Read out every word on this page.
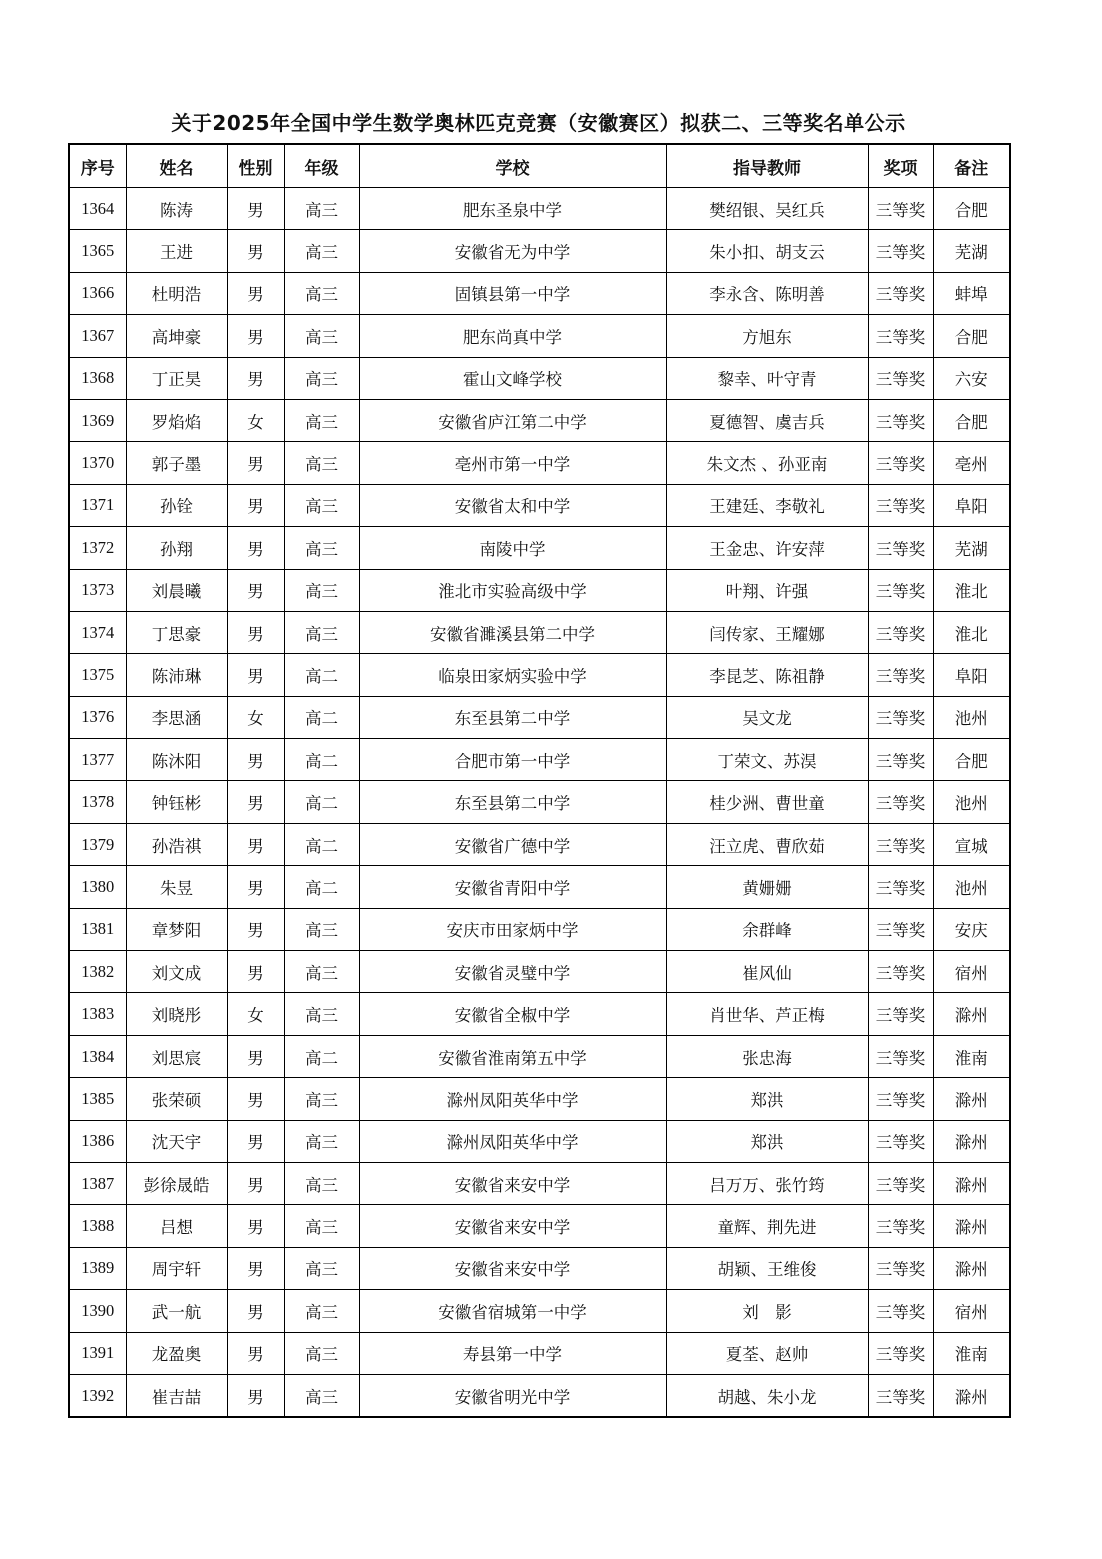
关于2025年全国中学生数学奥林匹克竞赛（安徽赛区）拟获二、三等奖名单公示
序号	姓名	性别	年级	学校	指导教师	奖项	备注
1364	陈涛	男	高三	肥东圣泉中学	樊绍银、吴红兵	三等奖	合肥
1365	王进	男	高三	安徽省无为中学	朱小扣、胡支云	三等奖	芜湖
1366	杜明浩	男	高三	固镇县第一中学	李永含、陈明善	三等奖	蚌埠
1367	高坤豪	男	高三	肥东尚真中学	方旭东	三等奖	合肥
1368	丁正昊	男	高三	霍山文峰学校	黎幸、叶守青	三等奖	六安
1369	罗焰焰	女	高三	安徽省庐江第二中学	夏德智、虞吉兵	三等奖	合肥
1370	郭子墨	男	高三	亳州市第一中学	朱文杰 、孙亚南	三等奖	亳州
1371	孙铨	男	高三	安徽省太和中学	王建廷、李敬礼	三等奖	阜阳
1372	孙翔	男	高三	南陵中学	王金忠、许安萍	三等奖	芜湖
1373	刘晨曦	男	高三	淮北市实验高级中学	叶翔、许强	三等奖	淮北
1374	丁思豪	男	高三	安徽省濉溪县第二中学	闫传家、王耀娜	三等奖	淮北
1375	陈沛琳	男	高二	临泉田家炳实验中学	李昆芝、陈祖静	三等奖	阜阳
1376	李思涵	女	高二	东至县第二中学	吴文龙	三等奖	池州
1377	陈沐阳	男	高二	合肥市第一中学	丁荣文、苏淏	三等奖	合肥
1378	钟钰彬	男	高二	东至县第二中学	桂少洲、曹世童	三等奖	池州
1379	孙浩祺	男	高二	安徽省广德中学	汪立虎、曹欣茹	三等奖	宣城
1380	朱昱	男	高二	安徽省青阳中学	黄姗姗	三等奖	池州
1381	章梦阳	男	高三	安庆市田家炳中学	余群峰	三等奖	安庆
1382	刘文成	男	高三	安徽省灵璧中学	崔风仙	三等奖	宿州
1383	刘晓彤	女	高三	安徽省全椒中学	肖世华、芦正梅	三等奖	滁州
1384	刘思宸	男	高二	安徽省淮南第五中学	张忠海	三等奖	淮南
1385	张荣硕	男	高三	滁州凤阳英华中学	郑洪	三等奖	滁州
1386	沈天宇	男	高三	滁州凤阳英华中学	郑洪	三等奖	滁州
1387	彭徐晟皓	男	高三	安徽省来安中学	吕万万、张竹筠	三等奖	滁州
1388	吕想	男	高三	安徽省来安中学	童辉、荆先进	三等奖	滁州
1389	周宇轩	男	高三	安徽省来安中学	胡颖、王维俊	三等奖	滁州
1390	武一航	男	高三	安徽省宿城第一中学	刘　影	三等奖	宿州
1391	龙盈奥	男	高三	寿县第一中学	夏荃、赵帅	三等奖	淮南
1392	崔吉喆	男	高三	安徽省明光中学	胡越、朱小龙	三等奖	滁州
